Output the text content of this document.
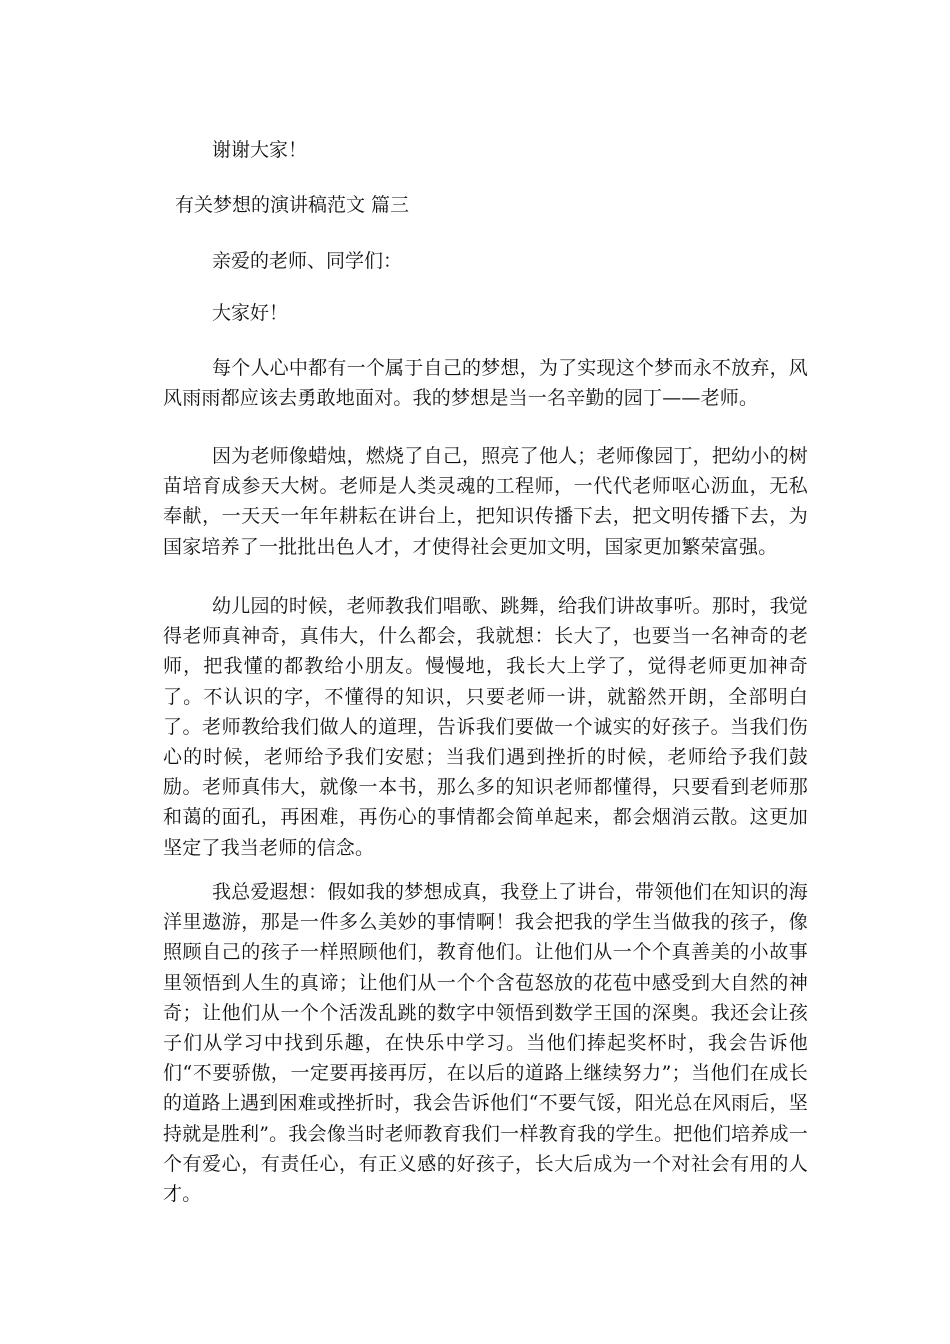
谢谢大家！

有关梦想的演讲稿范文 篇三

亲爱的老师、同学们：

大家好！

每个人心中都有一个属于自己的梦想，为了实现这个梦而永不放弃，风风雨雨都应该去勇敢地面对。我的梦想是当一名辛勤的园丁——老师。

因为老师像蜡烛，燃烧了自己，照亮了他人；老师像园丁，把幼小的树苗培育成参天大树。老师是人类灵魂的工程师，一代代老师呕心沥血，无私奉献，一天天一年年耕耘在讲台上，把知识传播下去，把文明传播下去，为国家培养了一批批出色人才，才使得社会更加文明，国家更加繁荣富强。

幼儿园的时候，老师教我们唱歌、跳舞，给我们讲故事听。那时，我觉得老师真神奇，真伟大，什么都会，我就想：长大了，也要当一名神奇的老师，把我懂的都教给小朋友。慢慢地，我长大上学了，觉得老师更加神奇了。不认识的字，不懂得的知识，只要老师一讲，就豁然开朗，全部明白了。老师教给我们做人的道理，告诉我们要做一个诚实的好孩子。当我们伤心的时候，老师给予我们安慰；当我们遇到挫折的时候，老师给予我们鼓励。老师真伟大，就像一本书，那么多的知识老师都懂得，只要看到老师那和蔼的面孔，再困难，再伤心的事情都会简单起来，都会烟消云散。这更加坚定了我当老师的信念。

我总爱遐想：假如我的梦想成真，我登上了讲台，带领他们在知识的海洋里遨游，那是一件多么美妙的事情啊！我会把我的学生当做我的孩子，像照顾自己的孩子一样照顾他们，教育他们。让他们从一个个真善美的小故事里领悟到人生的真谛；让他们从一个个含苞怒放的花苞中感受到大自然的神奇；让他们从一个个活泼乱跳的数字中领悟到数学王国的深奥。我还会让孩子们从学习中找到乐趣，在快乐中学习。当他们捧起奖杯时，我会告诉他们“不要骄傲，一定要再接再厉，在以后的道路上继续努力”；当他们在成长的道路上遇到困难或挫折时，我会告诉他们“不要气馁，阳光总在风雨后，坚持就是胜利”。我会像当时老师教育我们一样教育我的学生。把他们培养成一个有爱心，有责任心，有正义感的好孩子，长大后成为一个对社会有用的人才。
